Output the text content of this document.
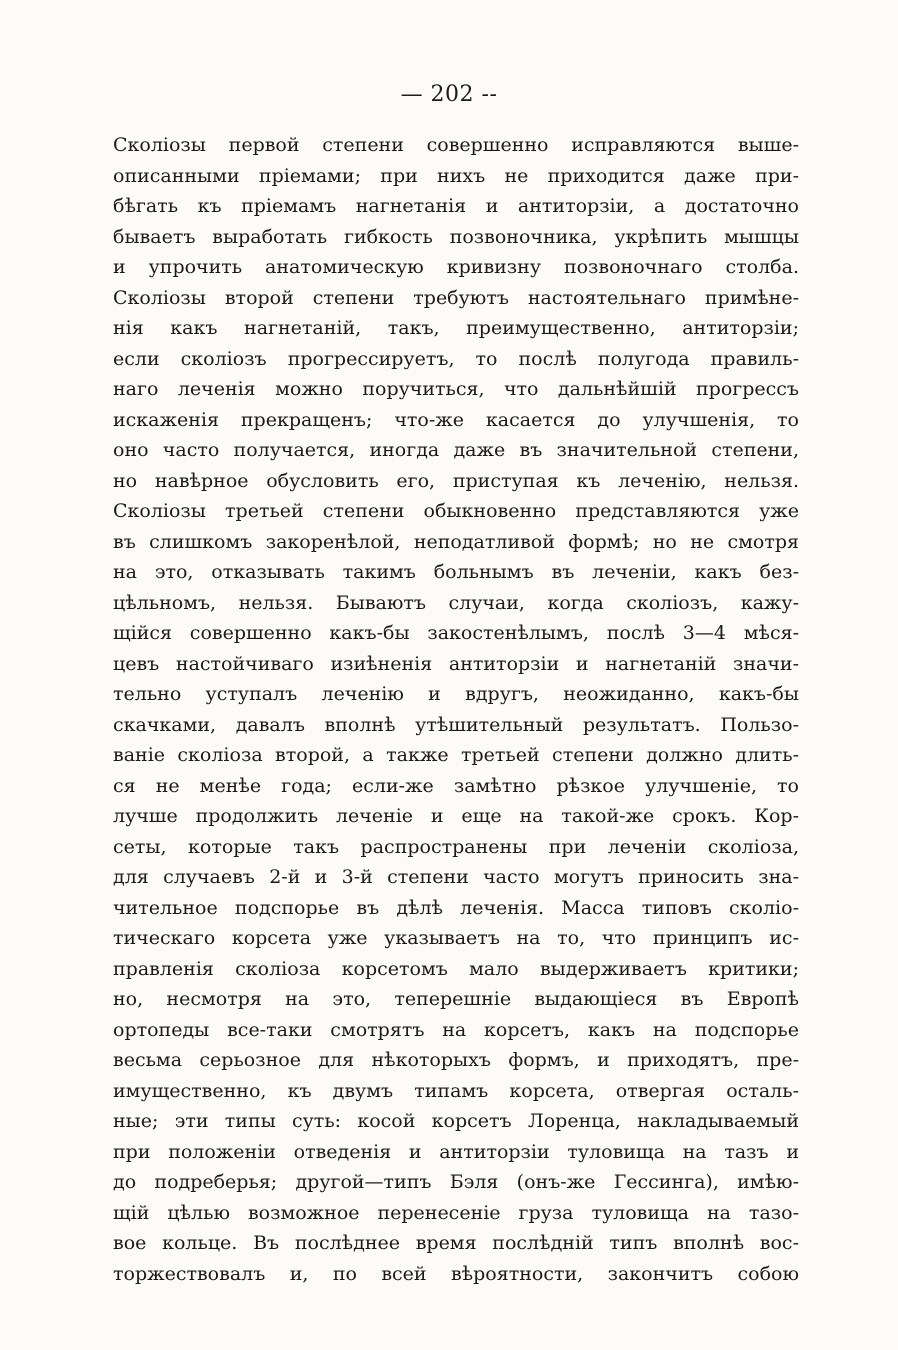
— 202 --
Сколіозы первой степени совершенно исправляются выше-
описанными пріемами; при нихъ не приходится даже при-
бѣгать къ пріемамъ нагнетанія и антиторзіи, а достаточно
бываетъ выработать гибкость позвоночника, укрѣпить мышцы
и упрочить анатомическую кривизну позвоночнаго столба.
Сколіозы второй степени требуютъ настоятельнаго примѣне-
нія какъ нагнетаній, такъ, преимущественно, антиторзіи;
если сколіозъ прогрессируетъ, то послѣ полугода правиль-
наго леченія можно поручиться, что дальнѣйшій прогрессъ
искаженія прекращенъ; что-же касается до улучшенія, то
оно часто получается, иногда даже въ значительной степени,
но навѣрное обусловить его, приступая къ леченію, нельзя.
Сколіозы третьей степени обыкновенно представляются уже
въ слишкомъ закоренѣлой, неподатливой формѣ; но не смотря
на это, отказывать такимъ больнымъ въ леченіи, какъ без-
цѣльномъ, нельзя. Бываютъ случаи, когда сколіозъ, кажу-
щійся совершенно какъ-бы закостенѣлымъ, послѣ 3—4 мѣся-
цевъ настойчиваго изиѣненія антиторзіи и нагнетаній значи-
тельно уступалъ леченію и вдругъ, неожиданно, какъ-бы
скачками, давалъ вполнѣ утѣшительный результатъ. Пользо-
ваніе сколіоза второй, а также третьей степени должно длить-
ся не менѣе года; если-же замѣтно рѣзкое улучшеніе, то
лучше продолжить леченіе и еще на такой-же срокъ. Кор-
сеты, которые такъ распространены при леченіи сколіоза,
для случаевъ 2-й и 3-й степени часто могутъ приносить зна-
чительное подспорье въ дѣлѣ леченія. Масса типовъ сколіо-
тическаго корсета уже указываетъ на то, что принципъ ис-
правленія сколіоза корсетомъ мало выдерживаетъ критики;
но, несмотря на это, теперешніе выдающіеся въ Европѣ
ортопеды все-таки смотрятъ на корсетъ, какъ на подспорье
весьма серьозное для нѣкоторыхъ формъ, и приходятъ, пре-
имущественно, къ двумъ типамъ корсета, отвергая осталь-
ные; эти типы суть: косой корсетъ Лоренца, накладываемый
при положеніи отведенія и антиторзіи туловища на тазъ и
до подреберья; другой—типъ Бэля (онъ-же Гессинга), имѣю-
щій цѣлью возможное перенесеніе груза туловища на тазо-
вое кольце. Въ послѣднее время послѣдній типъ вполнѣ вос-
торжествовалъ и, по всей вѣроятности, закончитъ собою
